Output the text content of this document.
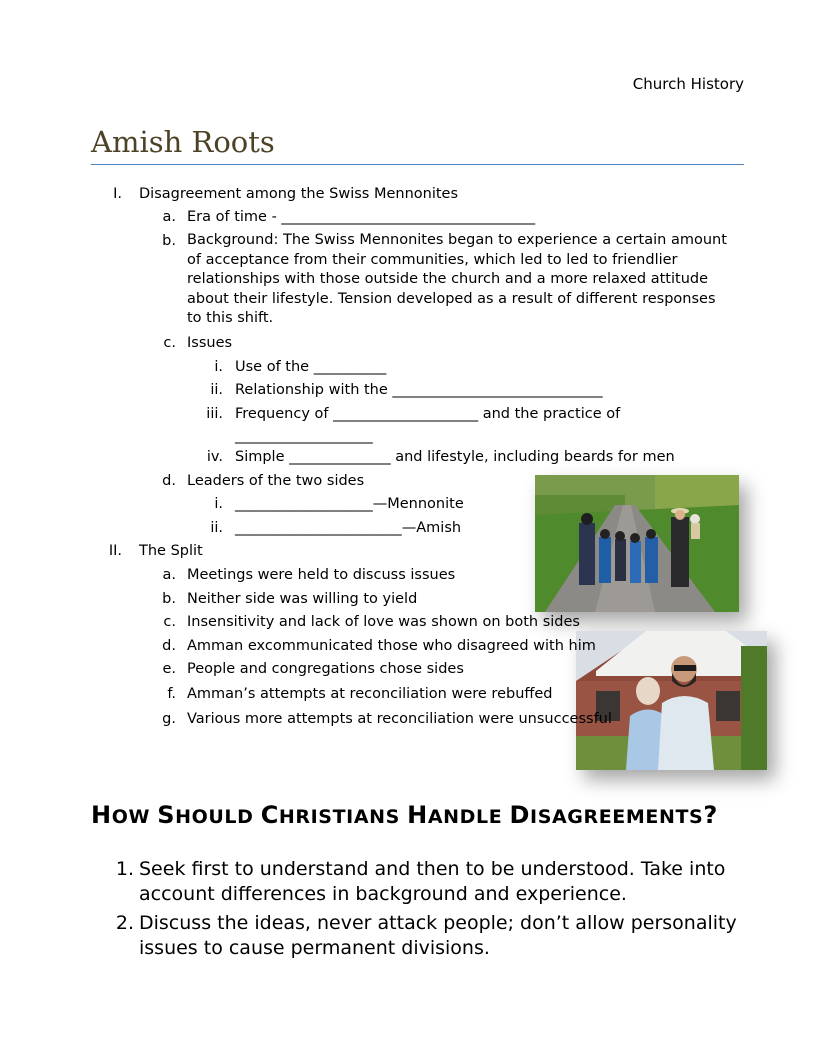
Church History
Amish Roots
I. Disagreement among the Swiss Mennonites
a. Era of time - ___________________________________
b. Background: The Swiss Mennonites began to experience a certain amount
of acceptance from their communities, which led to led to friendlier
relationships with those outside the church and a more relaxed attitude
about their lifestyle. Tension developed as a result of different responses
to this shift.
c. Issues
i. Use of the __________
ii. Relationship with the _____________________________
iii. Frequency of ____________________ and the practice of
___________________
iv. Simple ______________ and lifestyle, including beards for men
d. Leaders of the two sides
i. ___________________—Mennonite
ii. _______________________—Amish
II. The Split
a. Meetings were held to discuss issues
b. Neither side was willing to yield
c. Insensitivity and lack of love was shown on both sides
d. Amman excommunicated those who disagreed with him
e. People and congregations chose sides
f. Amman’s attempts at reconciliation were rebuffed
g. Various more attempts at reconciliation were unsuccessful
HOW SHOULD CHRISTIANS HANDLE DISAGREEMENTS?
1. Seek first to understand and then to be understood. Take into
account differences in background and experience.
2. Discuss the ideas, never attack people; don’t allow personality
issues to cause permanent divisions.
